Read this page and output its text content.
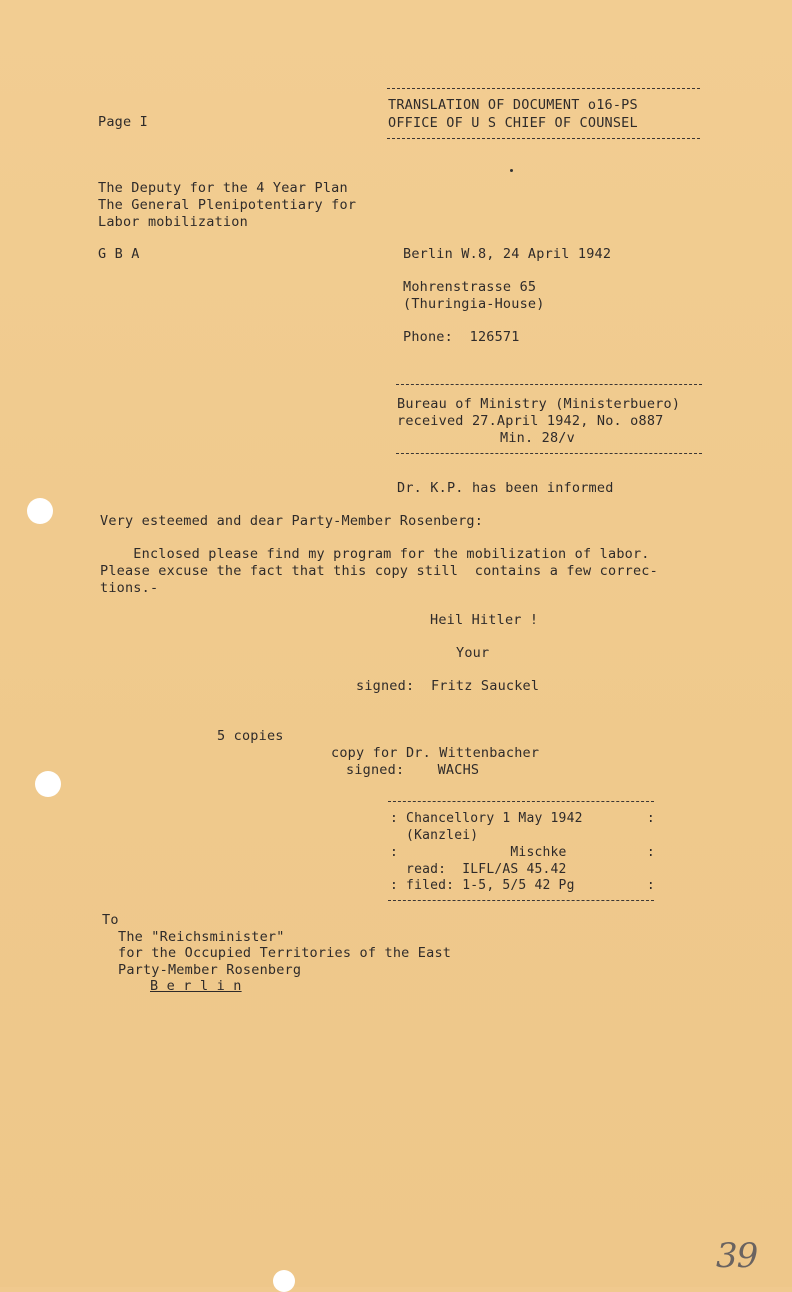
Page I
TRANSLATION OF DOCUMENT o16-PS
OFFICE OF U S CHIEF OF COUNSEL
The Deputy for the 4 Year Plan
The General Plenipotentiary for
Labor mobilization
G B A	Berlin W.8, 24 April 1942
Mohrenstrasse 65
(Thuringia-House)
Phone:  126571
Bureau of Ministry (Ministerbuero)
received 27.April 1942, No. o887
Min. 28/v
Dr. K.P. has been informed
Very esteemed and dear Party-Member Rosenberg:
Enclosed please find my program for the mobilization of labor.
Please excuse the fact that this copy still  contains a few correc-
tions.-
Heil Hitler !
Your
signed:  Fritz Sauckel
5 copies
copy for Dr. Wittenbacher
signed:    WACHS
: Chancellory 1 May 1942        :
(Kanzlei)
:              Mischke          :
read:  ILFL/AS 45.42
: filed: 1-5, 5/5 42 Pg         :
To
The "Reichsminister"
for the Occupied Territories of the East
Party-Member Rosenberg
B e r l i n
39
